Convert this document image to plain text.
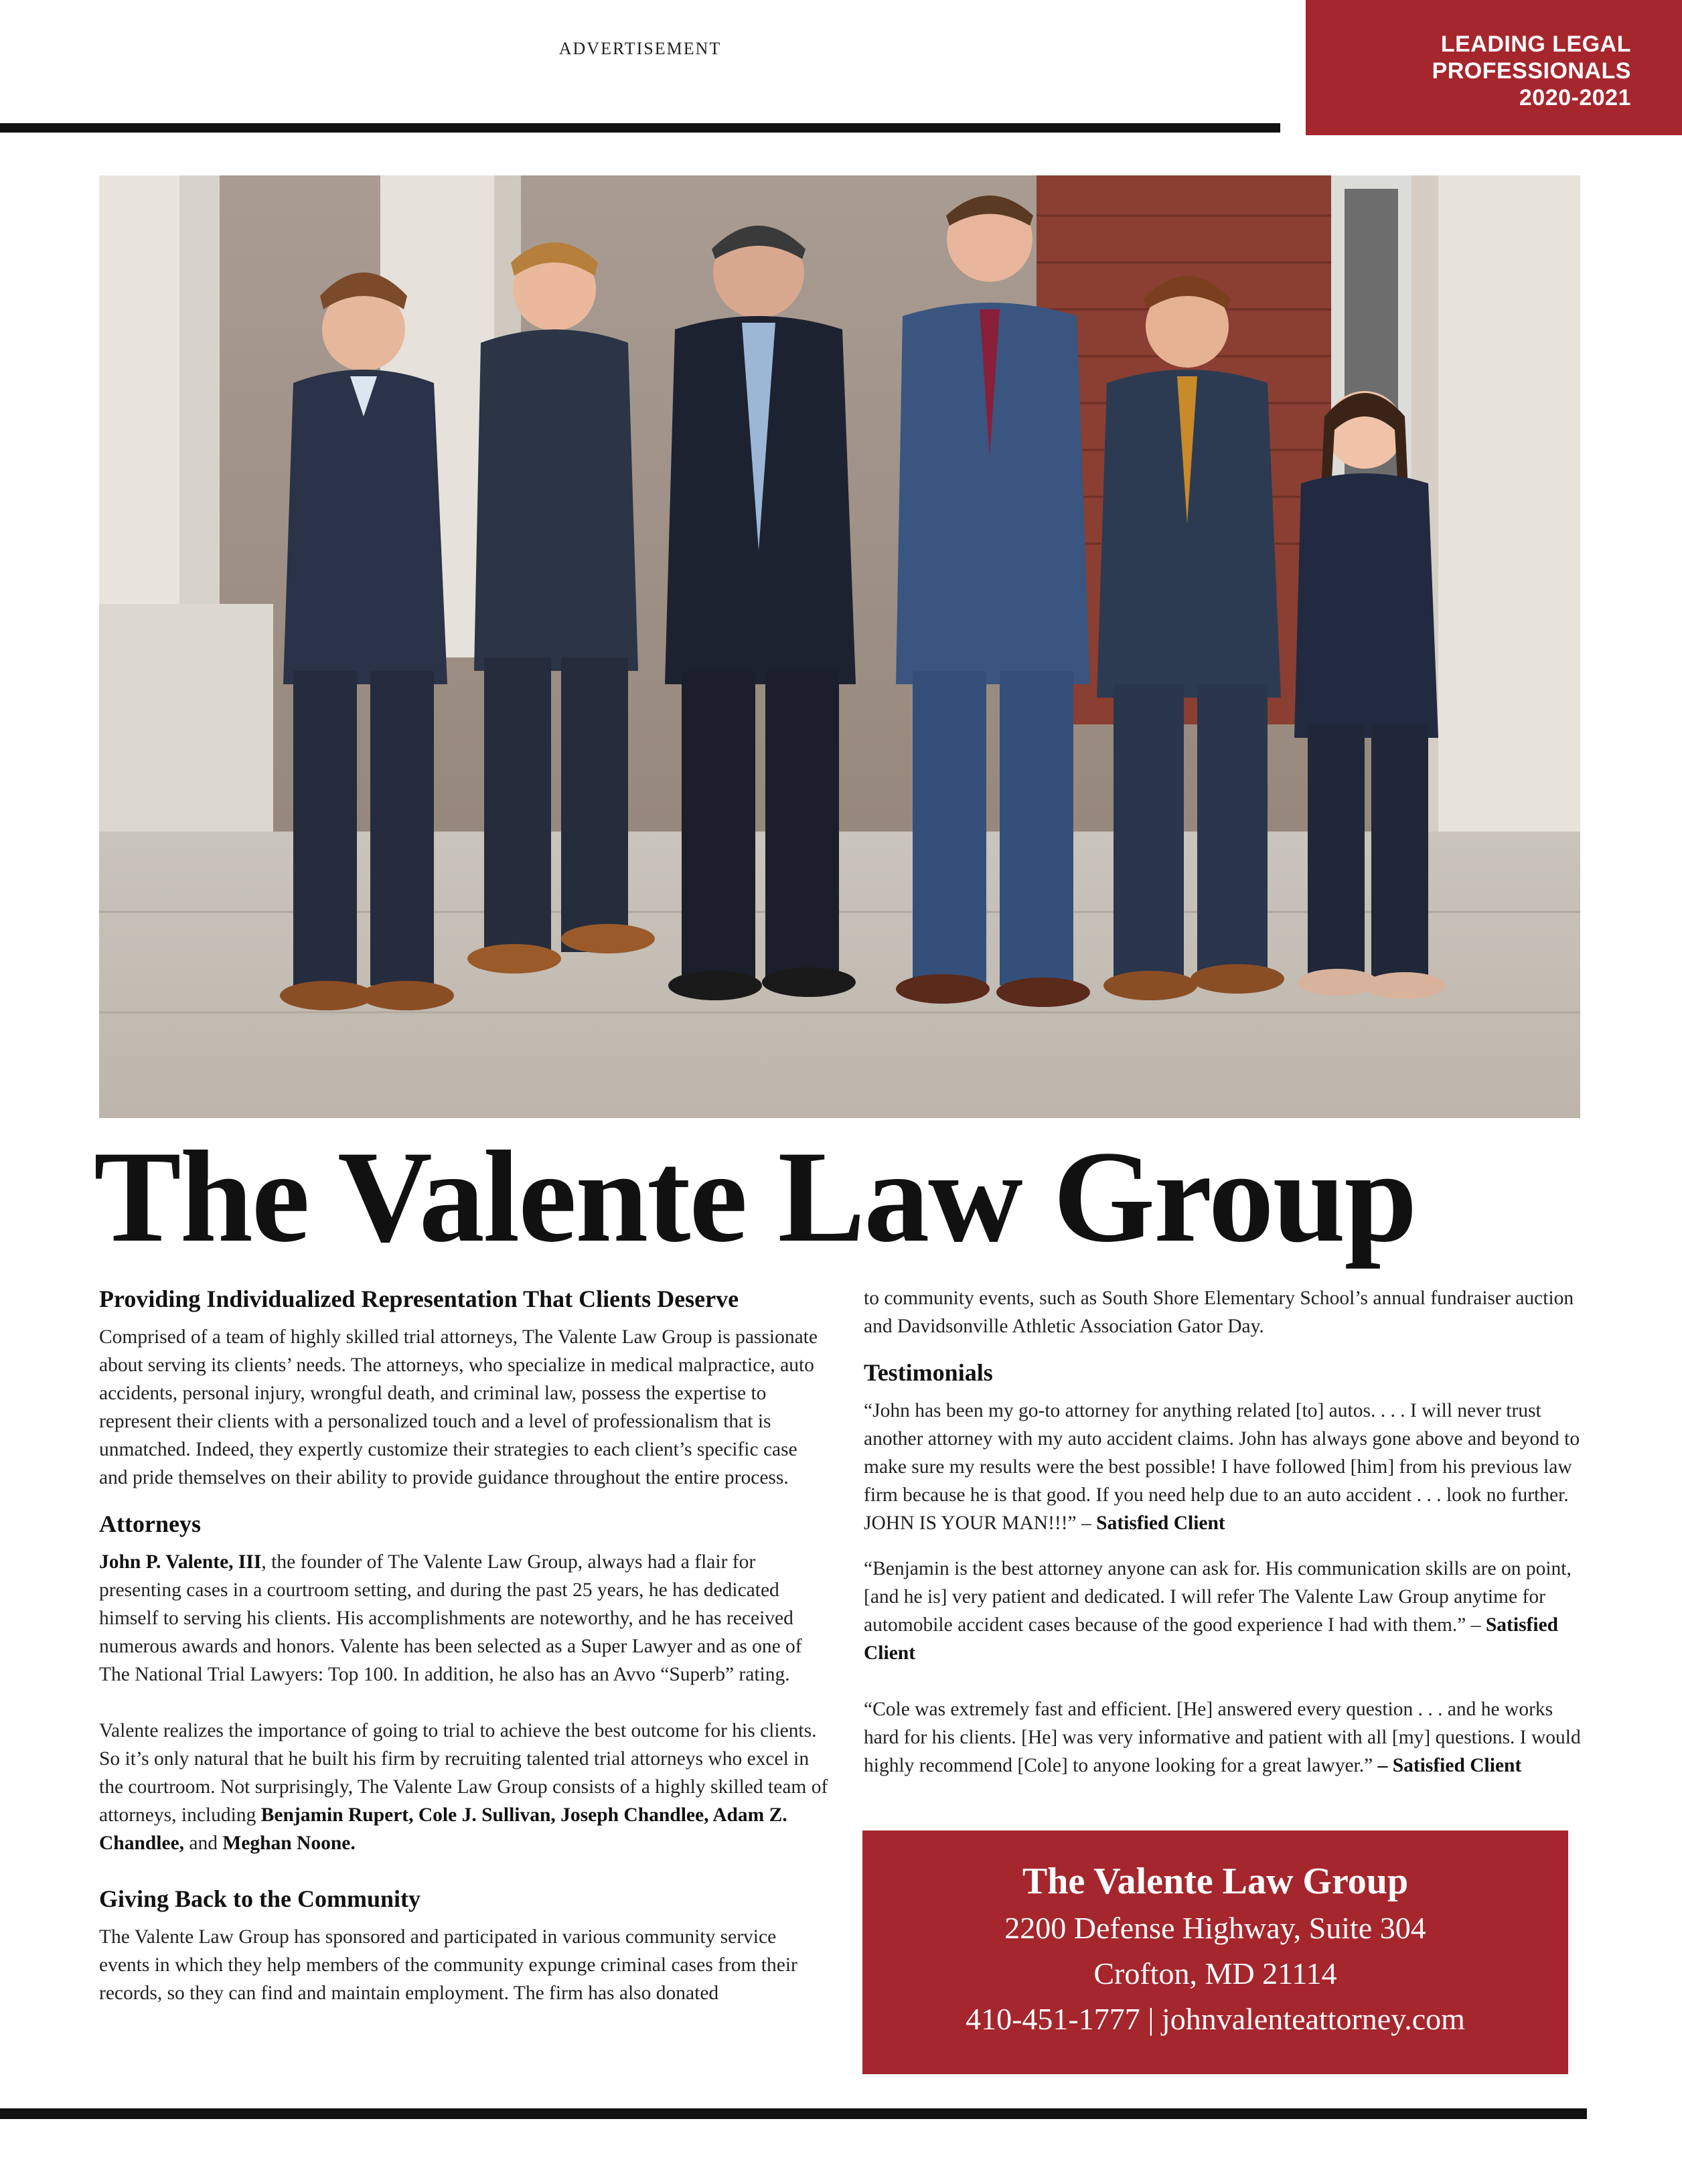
ADVERTISEMENT	LEADING LEGAL
PROFESSIONALS
2020-2021
The Valente Law Group
Providing Individualized Representation That Clients Deserve

Comprised of a team of highly skilled trial attorneys, The Valente Law Group is passionate about serving its clients’ needs. The attorneys, who specialize in medical malpractice, auto accidents, personal injury, wrongful death, and criminal law, possess the expertise to represent their clients with a personalized touch and a level of professionalism that is unmatched. Indeed, they expertly customize their strategies to each client’s specific case and pride themselves on their ability to provide guidance throughout the entire process.

Attorneys

John P. Valente, III, the founder of The Valente Law Group, always had a flair for presenting cases in a courtroom setting, and during the past 25 years, he has dedicated himself to serving his clients. His accomplishments are noteworthy, and he has received numerous awards and honors. Valente has been selected as a Super Lawyer and as one of The National Trial Lawyers: Top 100. In addition, he also has an Avvo “Superb” rating.

Valente realizes the importance of going to trial to achieve the best outcome for his clients. So it’s only natural that he built his firm by recruiting talented trial attorneys who excel in the courtroom. Not surprisingly, The Valente Law Group consists of a highly skilled team of attorneys, including Benjamin Rupert, Cole J. Sullivan, Joseph Chandlee, Adam Z. Chandlee, and Meghan Noone.

Giving Back to the Community

The Valente Law Group has sponsored and participated in various community service events in which they help members of the community expunge criminal cases from their records, so they can find and maintain employment. The firm has also donated

to community events, such as South Shore Elementary School’s annual fundraiser auction and Davidsonville Athletic Association Gator Day.

Testimonials

“John has been my go-to attorney for anything related [to] autos. . . . I will never trust another attorney with my auto accident claims. John has always gone above and beyond to make sure my results were the best possible! I have followed [him] from his previous law firm because he is that good. If you need help due to an auto accident . . . look no further. JOHN IS YOUR MAN!!!” – Satisfied Client

“Benjamin is the best attorney anyone can ask for. His communication skills are on point, [and he is] very patient and dedicated. I will refer The Valente Law Group anytime for automobile accident cases because of the good experience I had with them.” – Satisfied Client

“Cole was extremely fast and efficient. [He] answered every question . . . and he works hard for his clients. [He] was very informative and patient with all [my] questions. I would highly recommend [Cole] to anyone looking for a great lawyer.” – Satisfied Client

The Valente Law Group
2200 Defense Highway, Suite 304
Crofton, MD 21114
410-451-1777 | johnvalenteattorney.com
